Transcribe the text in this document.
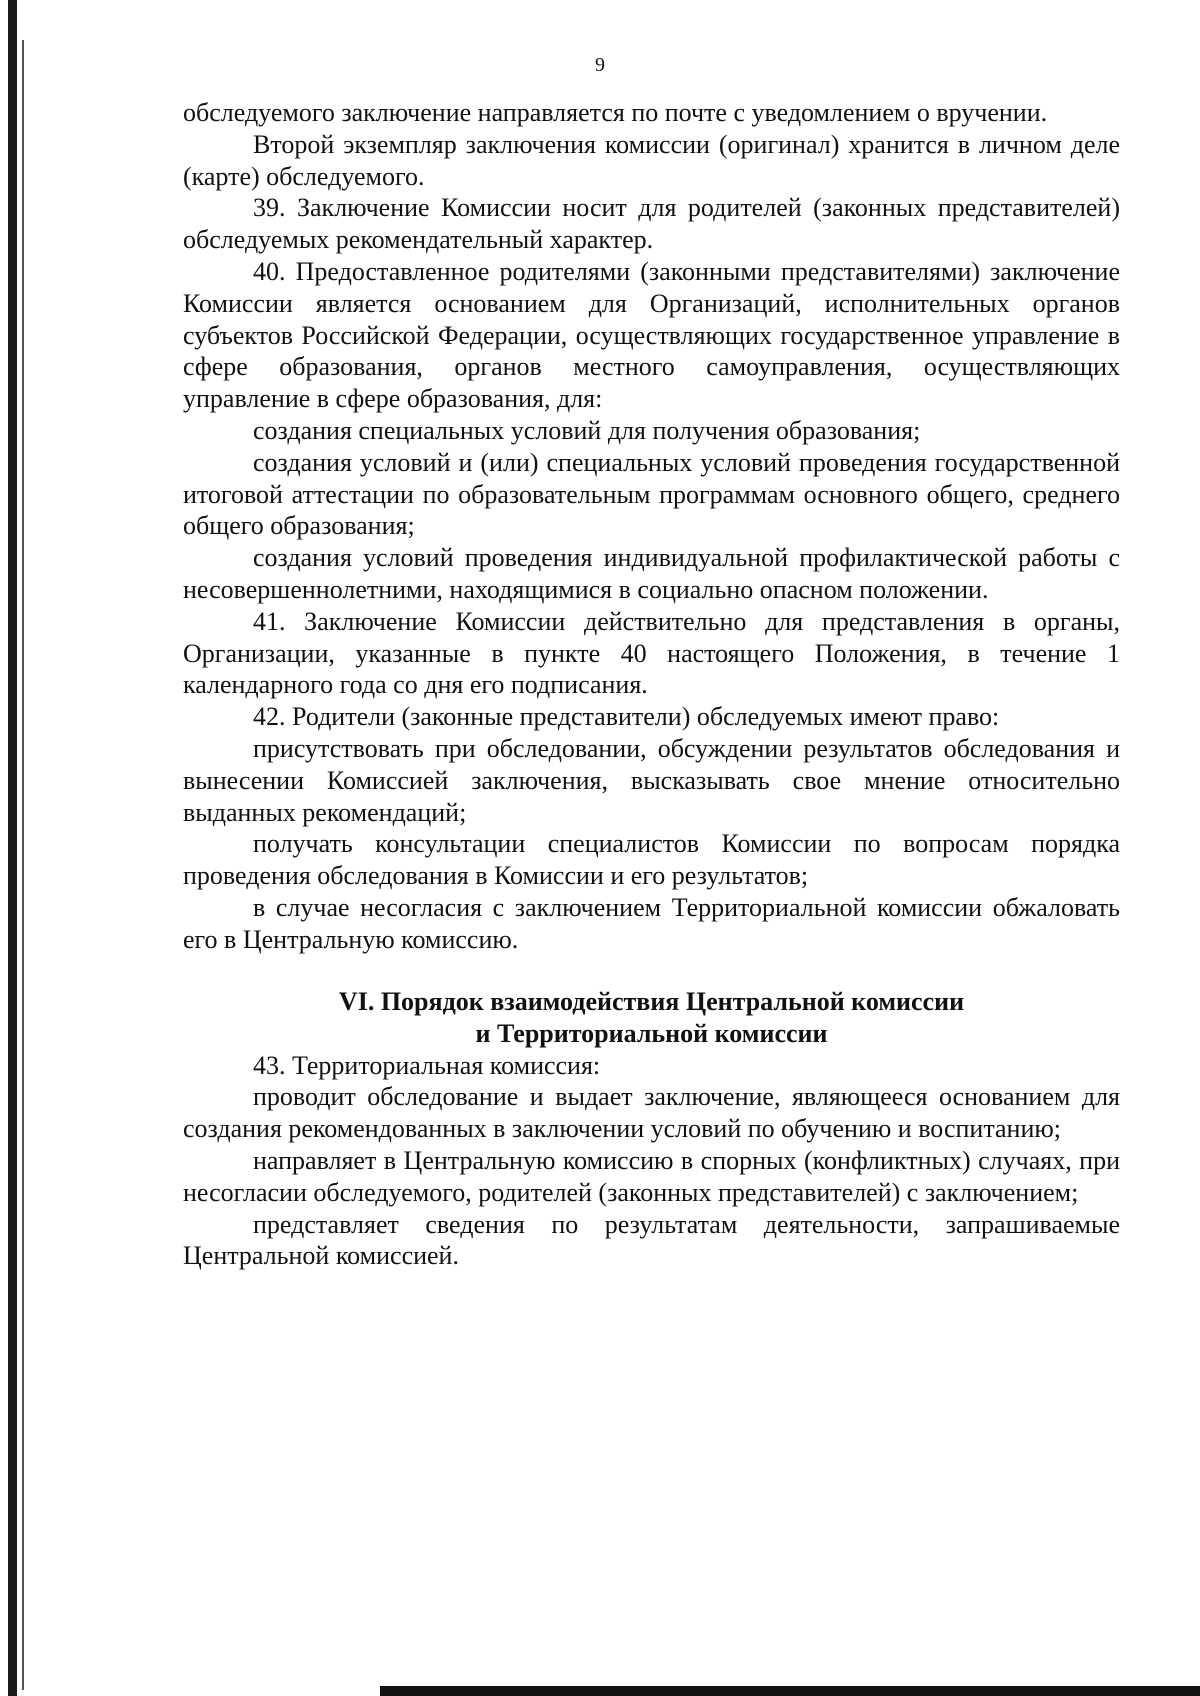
9

обследуемого заключение направляется по почте с уведомлением о вручении.

Второй экземпляр заключения комиссии (оригинал) хранится в личном деле (карте) обследуемого.

39. Заключение Комиссии носит для родителей (законных представителей) обследуемых рекомендательный характер.

40. Предоставленное родителями (законными представителями) заключение Комиссии является основанием для Организаций, исполнительных органов субъектов Российской Федерации, осуществляющих государственное управление в сфере образования, органов местного самоуправления, осуществляющих управление в сфере образования, для:

создания специальных условий для получения образования;

создания условий и (или) специальных условий проведения государственной итоговой аттестации по образовательным программам основного общего, среднего общего образования;

создания условий проведения индивидуальной профилактической работы с несовершеннолетними, находящимися в социально опасном положении.

41. Заключение Комиссии действительно для представления в органы, Организации, указанные в пункте 40 настоящего Положения, в течение 1 календарного года со дня его подписания.

42. Родители (законные представители) обследуемых имеют право:

присутствовать при обследовании, обсуждении результатов обследования и вынесении Комиссией заключения, высказывать свое мнение относительно выданных рекомендаций;

получать консультации специалистов Комиссии по вопросам порядка проведения обследования в Комиссии и его результатов;

в случае несогласия с заключением Территориальной комиссии обжаловать его в Центральную комиссию.

VI. Порядок взаимодействия Центральной комиссии
и Территориальной комиссии

43. Территориальная комиссия:

проводит обследование и выдает заключение, являющееся основанием для создания рекомендованных в заключении условий по обучению и воспитанию;

направляет в Центральную комиссию в спорных (конфликтных) случаях, при несогласии обследуемого, родителей (законных представителей) с заключением;

представляет сведения по результатам деятельности, запрашиваемые Центральной комиссией.
